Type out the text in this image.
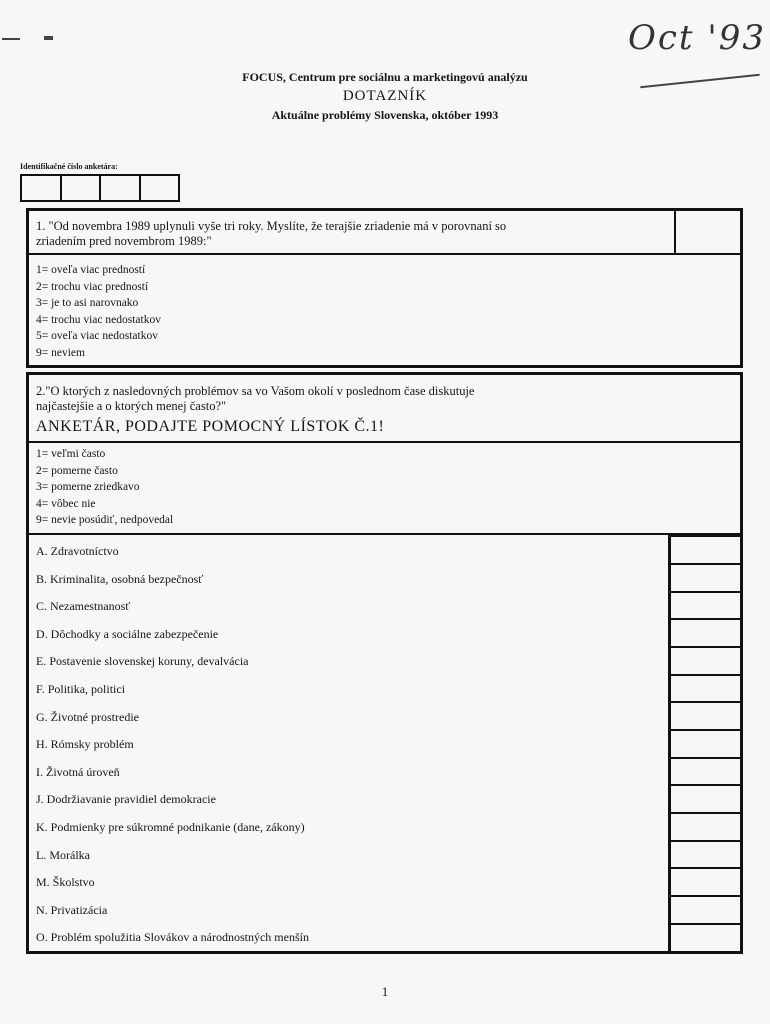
Oct '93
FOCUS, Centrum pre sociálnu a marketingovú analýzu
DOTAZNÍK
Aktuálne problémy Slovenska, október 1993
Identifikačné číslo anketára:
1. "Od novembra 1989 uplynuli vyše tri roky. Myslíte, že terajšie zriadenie má v porovnaní so
zriadením pred novembrom 1989:"
1= oveľa viac predností
2= trochu viac predností
3= je to asi narovnako
4= trochu viac nedostatkov
5= oveľa viac nedostatkov
9= neviem
2."O ktorých z nasledovných problémov sa vo Vašom okolí v poslednom čase diskutuje
najčastejšie a o ktorých menej často?"
ANKETÁR, PODAJTE POMOCNÝ LÍSTOK Č.1!
1= veľmi často
2= pomerne často
3= pomerne zriedkavo
4= vôbec nie
9= nevie posúdiť, nedpovedal
A. Zdravotníctvo
B. Kriminalita, osobná bezpečnosť
C. Nezamestnanosť
D. Dôchodky a sociálne zabezpečenie
E. Postavenie slovenskej koruny, devalvácia
F. Politika, politici
G. Životné prostredie
H. Rómsky problém
I. Životná úroveň
J. Dodržiavanie pravidiel demokracie
K. Podmienky pre súkromné podnikanie (dane, zákony)
L. Morálka
M. Školstvo
N. Privatizácia
O. Problém spolužitia Slovákov a národnostných menšín
1
